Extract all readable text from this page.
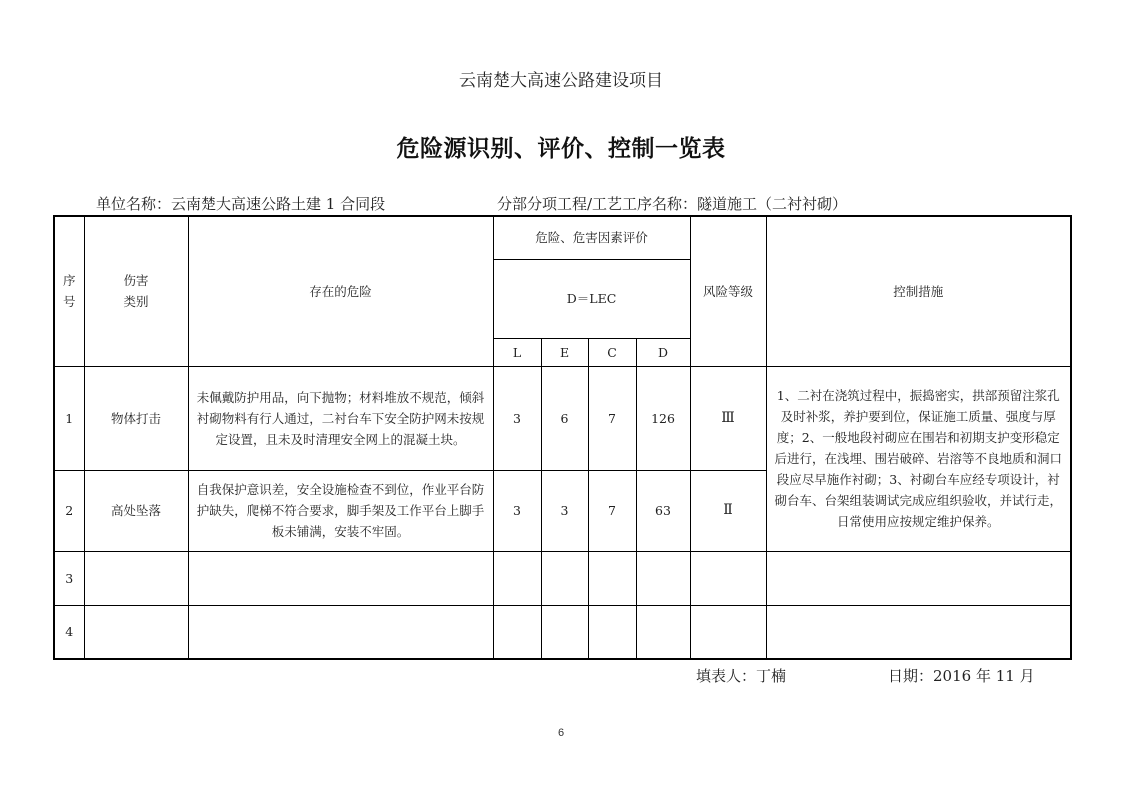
云南楚大高速公路建设项目
危险源识别、评价、控制一览表
单位名称：云南楚大高速公路土建 1 合同段	分部分项工程/工艺工序名称：隧道施工（二衬衬砌）
序
号

伤害
类别
	存在的危险	危险、危害因素评价	风险等级	控制措施
			D＝LEC					
			L	E	C	D		
1	物体打击	未佩戴防护用品，向下抛物；材料堆放不规范，倾斜衬砌物料有行人通过，二衬台车下安全防护网未按规定设置，且未及时清理安全网上的混凝土块。	3	6	7	126	Ⅲ	1、二衬在浇筑过程中，振捣密实，拱部预留注浆孔及时补浆，养护要到位，保证施工质量、强度与厚度；2、一般地段衬砌应在围岩和初期支护变形稳定后进行，在浅埋、围岩破碎、岩溶等不良地质和洞口段应尽早施作衬砌；3、衬砌台车应经专项设计，衬砌台车、台架组装调试完成应组织验收，并试行走，日常使用应按规定维护保养。
2	高处坠落	自我保护意识差，安全设施检查不到位，作业平台防护缺失，爬梯不符合要求，脚手架及工作平台上脚手板未铺满，安装不牢固。	3	3	7	63	Ⅱ	
3								
4								
填表人：丁楠	日期：2016 年 11 月
6
